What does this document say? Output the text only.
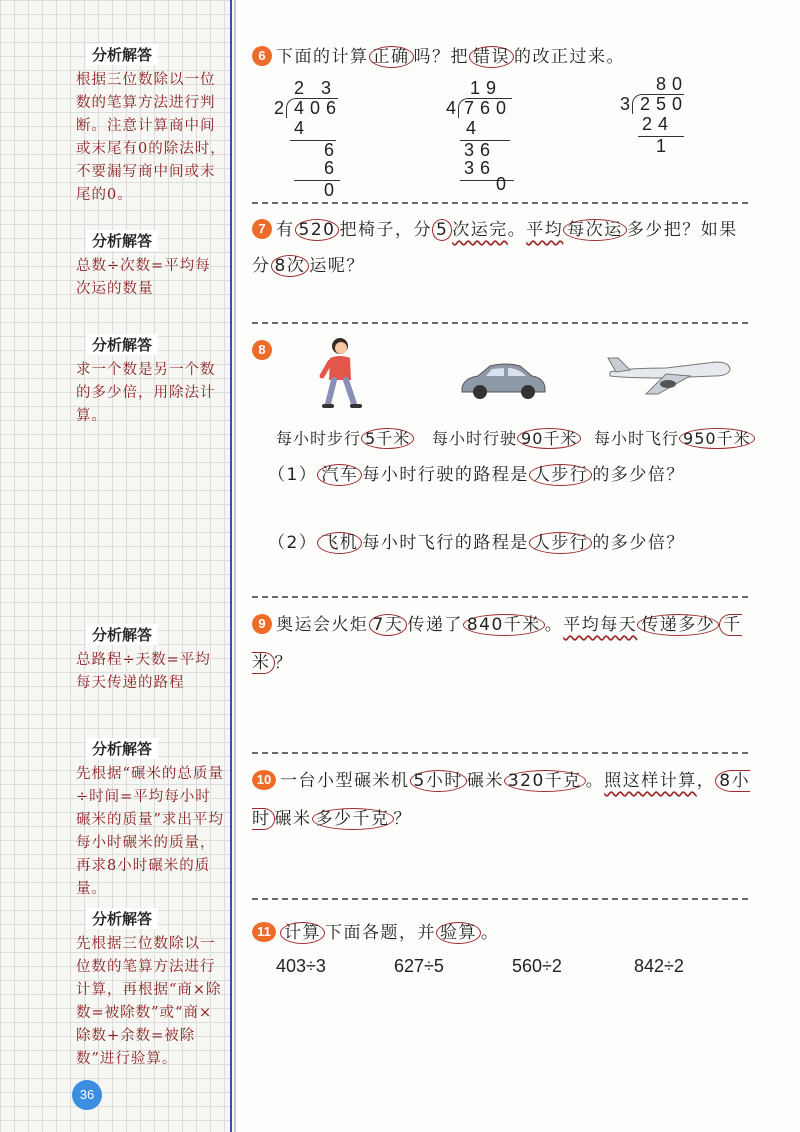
分析解答
根据三位数除以一位数的笔算方法进行判断。注意计算商中间或末尾有0的除法时，不要漏写商中间或末尾的0。
分析解答
总数÷次数=平均每次运的数量
分析解答
求一个数是另一个数的多少倍，用除法计算。
分析解答
总路程÷天数=平均每天传递的路程
分析解答
先根据“碾米的总质量÷时间=平均每小时碾米的质量”求出平均每小时碾米的质量，再求8小时碾米的质量。
分析解答
先根据三位数除以一位数的笔算方法进行计算，再根据“商×除数=被除数”或“商×除数+余数=被除数”进行验算。
36
6 下面的计算 正确 吗？把 错误 的改正过来。
2 3
2 406
4
6
6
0
19
4 760
4
36
36
0
80
3 250
24
1
7 有 520 把椅子，分 5 次运完。平均 每次运 多少把？如果分 8次 运呢？
8
每小时步行 5千米 每小时行驶 90千米 每小时飞行 950千米
（1） 汽车 每小时行驶的路程是 人步行 的多少倍？
（2） 飞机 每小时飞行的路程是 人步行 的多少倍？
9 奥运会火炬 7天 传递了 840千米 。平均每天 传递多少 千米 ？
10 一台小型碾米机 5小时 碾米 320千克 。照这样计算， 8小时 碾米 多少千克 ？
11 计算 下面各题，并 验算 。
403÷3	627÷5	560÷2	842÷2
